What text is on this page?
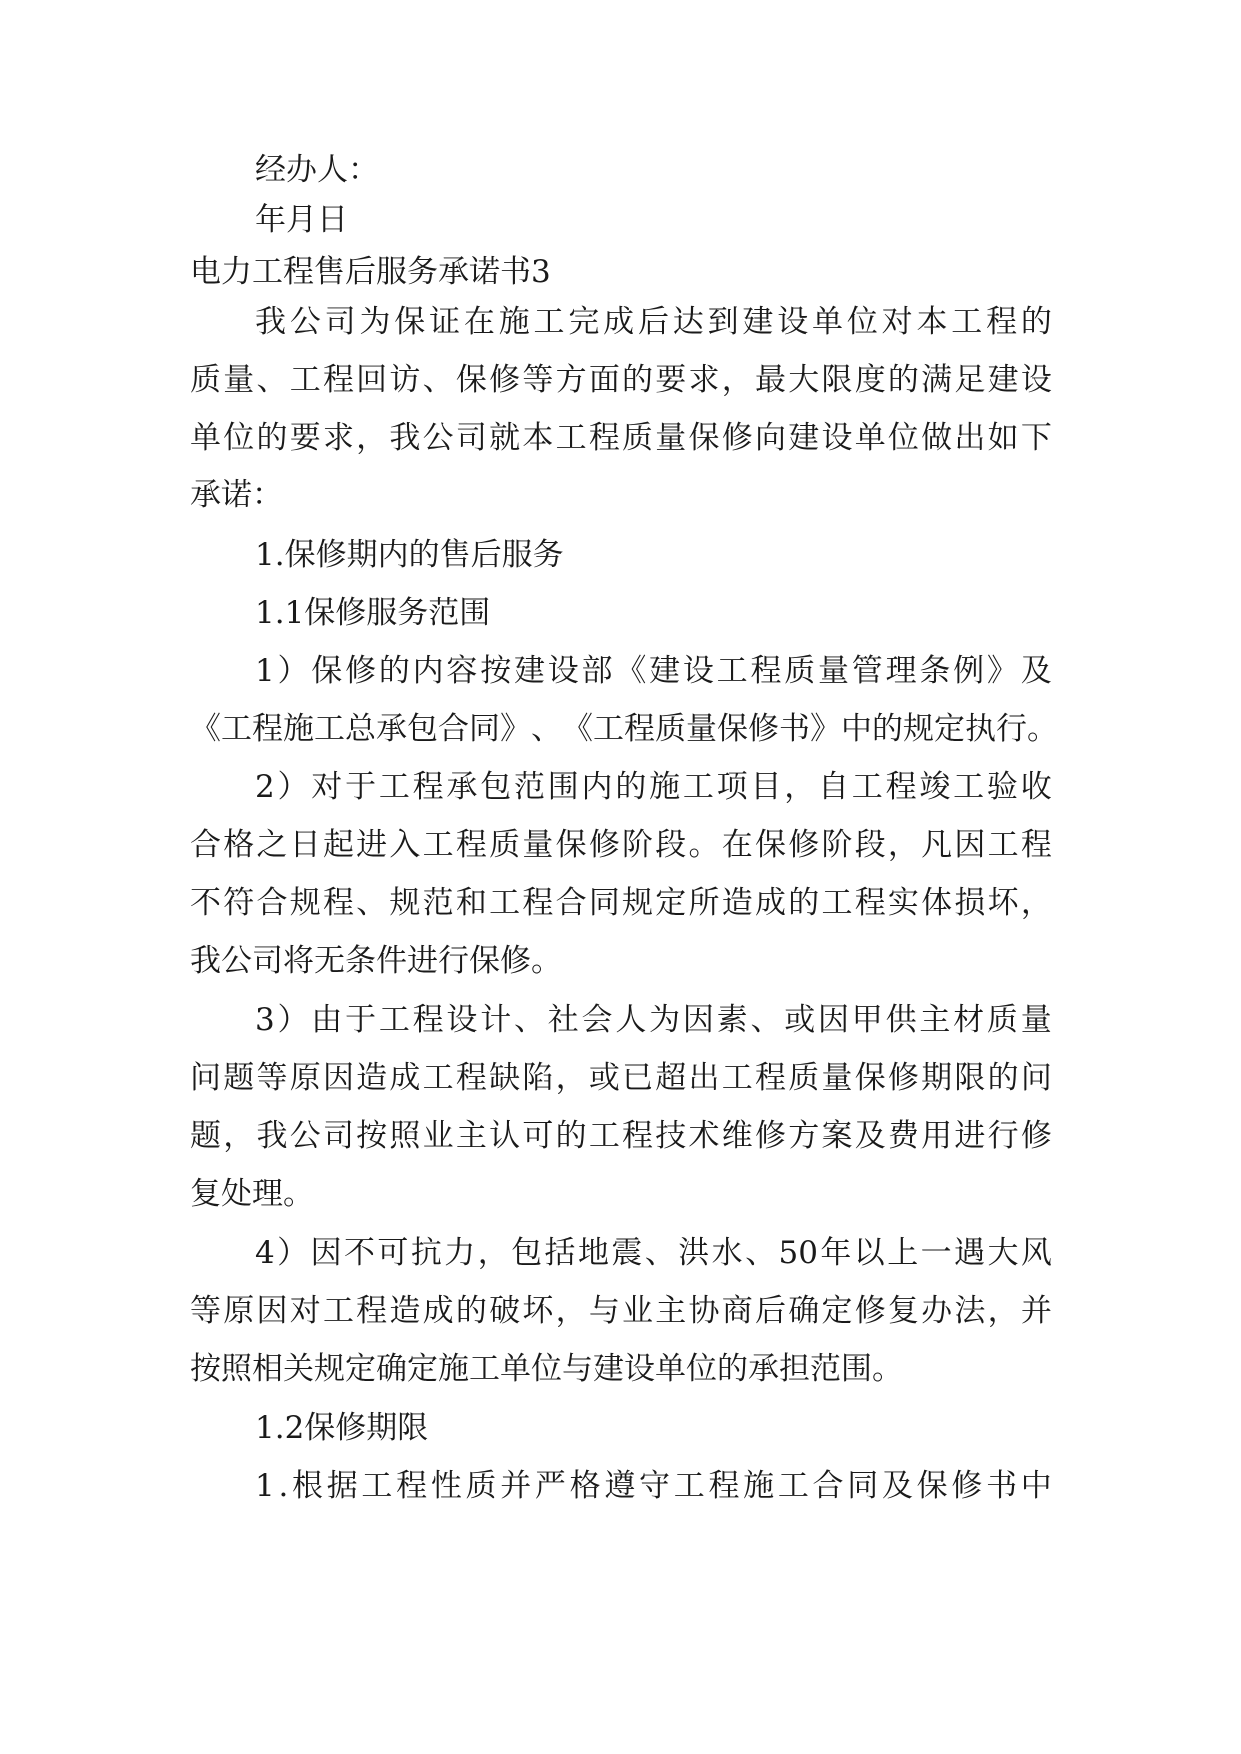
经办人：
年月日
电力工程售后服务承诺书3
我 公 司 为 保 证 在 施 工 完 成 后 达 到 建 设 单 位 对 本 工 程 的
质 量 、 工 程 回 访 、 保 修 等 方 面 的 要 求 ， 最 大 限 度 的 满 足 建 设
单 位 的 要 求 ， 我 公 司 就 本 工 程 质 量 保 修 向 建 设 单 位 做 出 如 下
承诺：
1.保修期内的售后服务
1.1保修服务范围
1 ） 保 修 的 内 容 按 建 设 部 《 建 设 工 程 质 量 管 理 条 例 》 及
《 工 程 施 工 总 承 包 合 同 》 、 《 工 程 质 量 保 修 书 》 中 的 规 定 执 行 。
2 ） 对 于 工 程 承 包 范 围 内 的 施 工 项 目 ， 自 工 程 竣 工 验 收
合 格 之 日 起 进 入 工 程 质 量 保 修 阶 段 。 在 保 修 阶 段 ， 凡 因 工 程
不 符 合 规 程 、 规 范 和 工 程 合 同 规 定 所 造 成 的 工 程 实 体 损 坏 ，
我公司将无条件进行保修。
3 ） 由 于 工 程 设 计 、 社 会 人 为 因 素 、 或 因 甲 供 主 材 质 量
问 题 等 原 因 造 成 工 程 缺 陷 ， 或 已 超 出 工 程 质 量 保 修 期 限 的 问
题 ， 我 公 司 按 照 业 主 认 可 的 工 程 技 术 维 修 方 案 及 费 用 进 行 修
复处理。
4 ） 因 不 可 抗 力 ， 包 括 地 震 、 洪 水 、 50 年 以 上 一 遇 大 风
等 原 因 对 工 程 造 成 的 破 坏 ， 与 业 主 协 商 后 确 定 修 复 办 法 ， 并
按照相关规定确定施工单位与建设单位的承担范围。
1.2保修期限
1 . 根 据 工 程 性 质 并 严 格 遵 守 工 程 施 工 合 同 及 保 修 书 中
